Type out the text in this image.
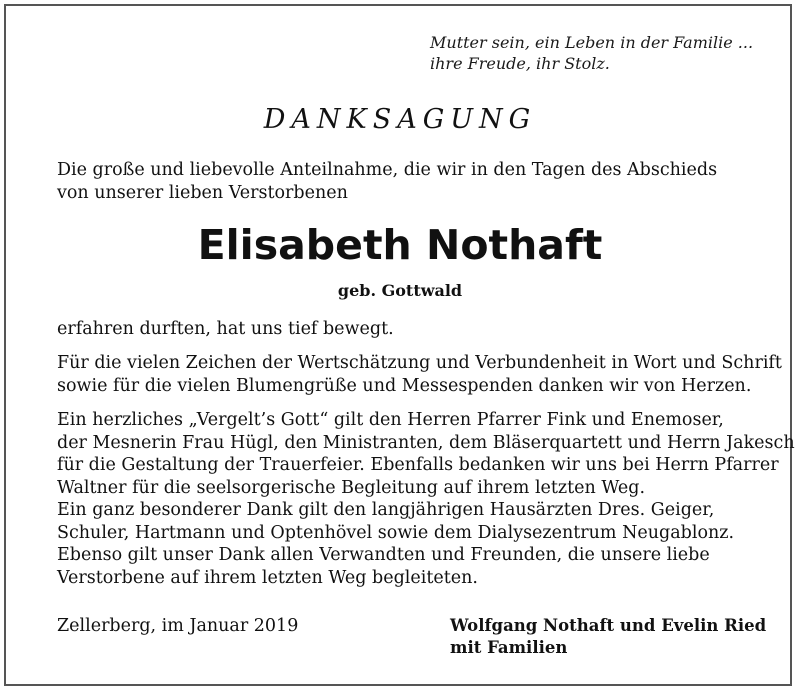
Mutter sein, ein Leben in der Familie ...
ihre Freude, ihr Stolz.
DANKSAGUNG
Die große und liebevolle Anteilnahme, die wir in den Tagen des Abschieds
von unserer lieben Verstorbenen
Elisabeth Nothaft
geb. Gottwald
erfahren durften, hat uns tief bewegt.
Für die vielen Zeichen der Wertschätzung und Verbundenheit in Wort und Schrift
sowie für die vielen Blumengrüße und Messespenden danken wir von Herzen.
Ein herzliches „Vergelt’s Gott“ gilt den Herren Pfarrer Fink und Enemoser,
der Mesnerin Frau Hügl, den Ministranten, dem Bläserquartett und Herrn Jakesch
für die Gestaltung der Trauerfeier. Ebenfalls bedanken wir uns bei Herrn Pfarrer
Waltner für die seelsorgerische Begleitung auf ihrem letzten Weg.
Ein ganz besonderer Dank gilt den langjährigen Hausärzten Dres. Geiger,
Schuler, Hartmann und Optenhövel sowie dem Dialysezentrum Neugablonz.
Ebenso gilt unser Dank allen Verwandten und Freunden, die unsere liebe
Verstorbene auf ihrem letzten Weg begleiteten.
Zellerberg, im Januar 2019	Wolfgang Nothaft und Evelin Ried
mit Familien
